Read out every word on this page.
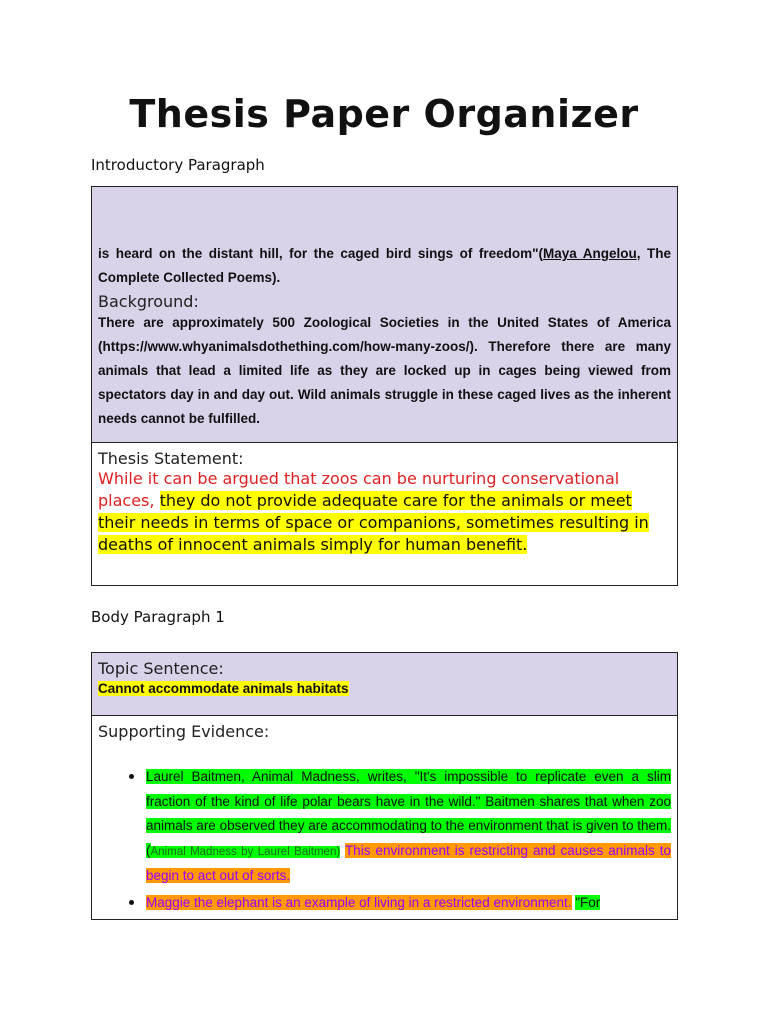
Thesis Paper Organizer
Introductory Paragraph
is heard on the distant hill, for the caged bird sings of freedom"(Maya Angelou, The Complete Collected Poems).
Background:
There are approximately 500 Zoological Societies in the United States of America (https://www.whyanimalsdothething.com/how-many-zoos/). Therefore there are many animals that lead a limited life as they are locked up in cages being viewed from spectators day in and day out. Wild animals struggle in these caged lives as the inherent needs cannot be fulfilled.
Thesis Statement:
While it can be argued that zoos can be nurturing conservational places, they do not provide adequate care for the animals or meet their needs in terms of space or companions, sometimes resulting in deaths of innocent animals simply for human benefit.
Body Paragraph 1
Topic Sentence:
Cannot accommodate animals habitats
Supporting Evidence:
• Laurel Baitmen, Animal Madness, writes, "It's impossible to replicate even a slim fraction of the kind of life polar bears have in the wild." Baitmen shares that when zoo animals are observed they are accommodating to the environment that is given to them. (Animal Madness by Laurel Baitmen) This environment is restricting and causes animals to begin to act out of sorts.
• Maggie the elephant is an example of living in a restricted environment. "For
